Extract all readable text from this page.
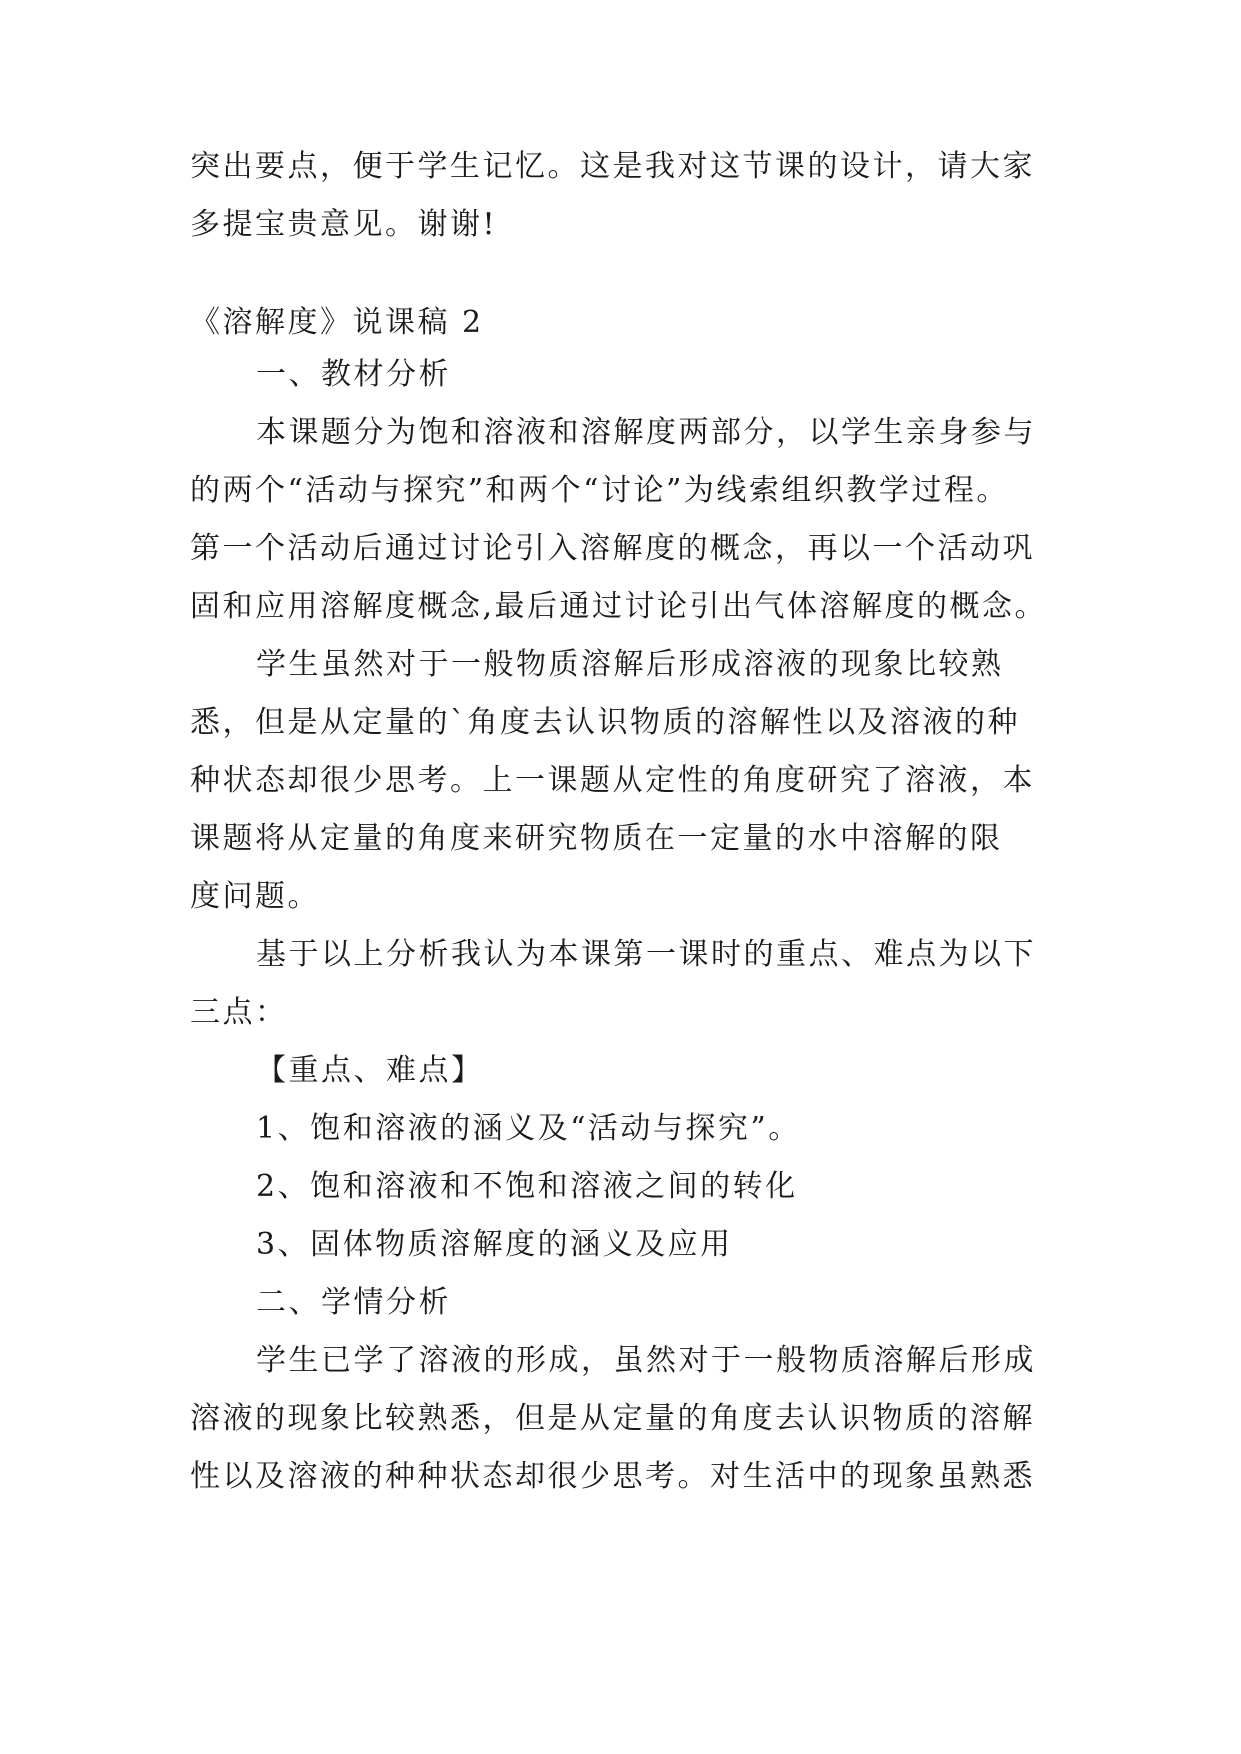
突出要点，便于学生记忆。这是我对这节课的设计，请大家
多提宝贵意见。谢谢!
《溶解度》说课稿 2
一、教材分析
本课题分为饱和溶液和溶解度两部分，以学生亲身参与
的两个“活动与探究”和两个“讨论”为线索组织教学过程。
第一个活动后通过讨论引入溶解度的概念，再以一个活动巩
固和应用溶解度概念,最后通过讨论引出气体溶解度的概念。
学生虽然对于一般物质溶解后形成溶液的现象比较熟
悉，但是从定量的`角度去认识物质的溶解性以及溶液的种
种状态却很少思考。上一课题从定性的角度研究了溶液，本
课题将从定量的角度来研究物质在一定量的水中溶解的限
度问题。
基于以上分析我认为本课第一课时的重点、难点为以下
三点：
【重点、难点】
1、饱和溶液的涵义及“活动与探究”。
2、饱和溶液和不饱和溶液之间的转化
3、固体物质溶解度的涵义及应用
二、学情分析
学生已学了溶液的形成，虽然对于一般物质溶解后形成
溶液的现象比较熟悉，但是从定量的角度去认识物质的溶解
性以及溶液的种种状态却很少思考。对生活中的现象虽熟悉
